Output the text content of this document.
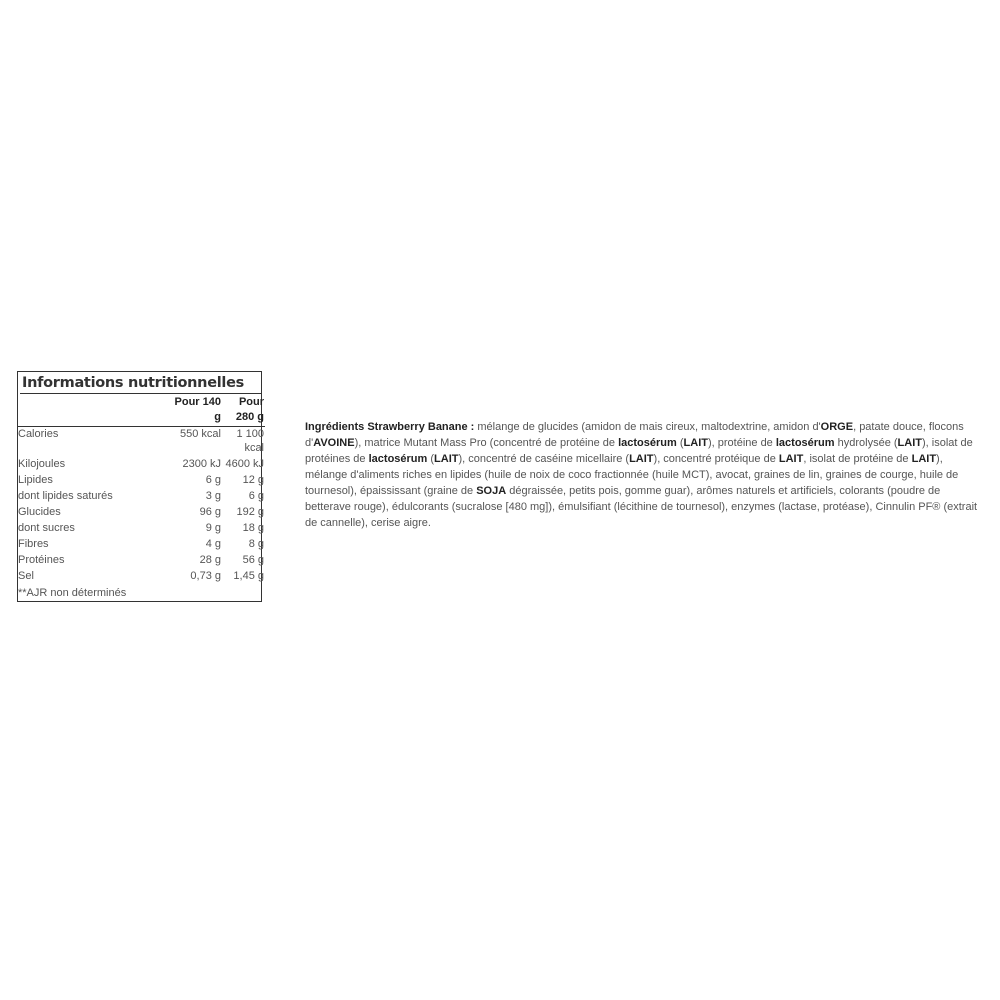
Informations nutritionnelles
	Pour 140 g	Pour 280 g
Calories	550 kcal	1 100 kcal
Kilojoules	2300 kJ	4600 kJ
Lipides	6 g	12 g
dont lipides saturés	3 g	6 g
Glucides	96 g	192 g
dont sucres	9 g	18 g
Fibres	4 g	8 g
Protéines	28 g	56 g
Sel	0,73 g	1,45 g
**AJR non déterminés
Ingrédients Strawberry Banane : mélange de glucides (amidon de mais cireux, maltodextrine, amidon d'ORGE, patate douce, flocons d'AVOINE), matrice Mutant Mass Pro (concentré de protéine de lactosérum (LAIT), protéine de lactosérum hydrolysée (LAIT), isolat de protéines de lactosérum (LAIT), concentré de caséine micellaire (LAIT), concentré protéique de LAIT, isolat de protéine de LAIT), mélange d'aliments riches en lipides (huile de noix de coco fractionnée (huile MCT), avocat, graines de lin, graines de courge, huile de tournesol), épaississant (graine de SOJA dégraissée, petits pois, gomme guar), arômes naturels et artificiels, colorants (poudre de betterave rouge), édulcorants (sucralose [480 mg]), émulsifiant (lécithine de tournesol), enzymes (lactase, protéase), Cinnulin PF® (extrait de cannelle), cerise aigre.
